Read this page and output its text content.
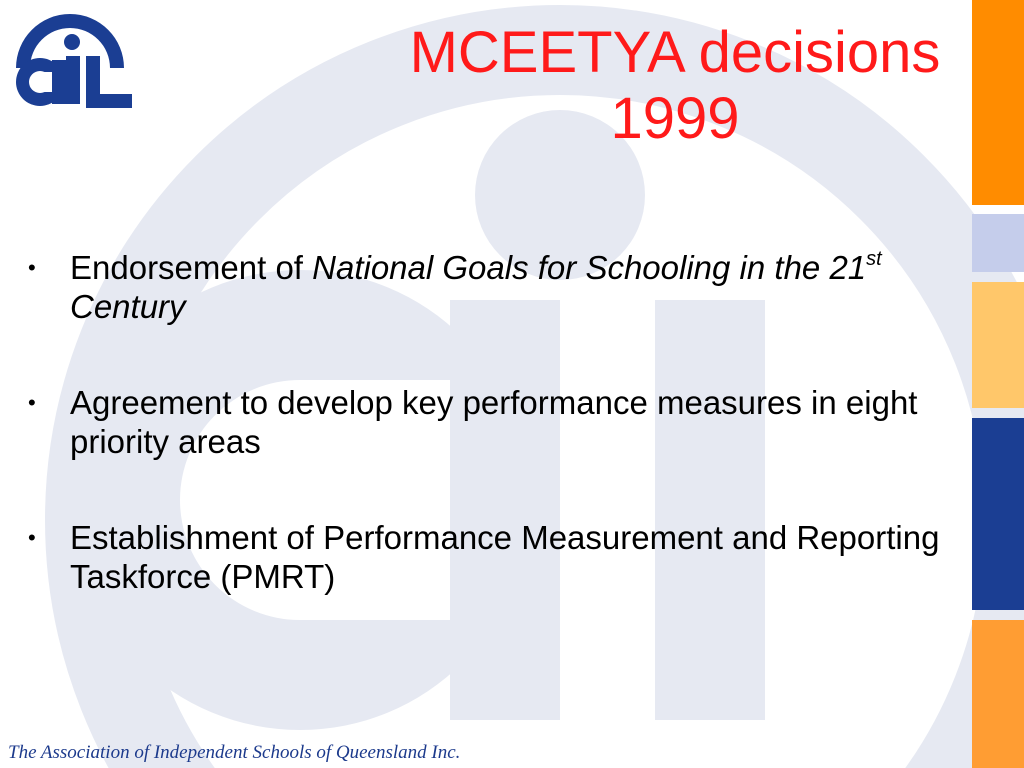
MCEETYA decisions
1999
•	Endorsement of National Goals for Schooling in the 21st Century
•	Agreement to develop key performance measures in eight priority areas
•	Establishment of Performance Measurement and Reporting Taskforce (PMRT)
The Association of Independent Schools of Queensland Inc.
